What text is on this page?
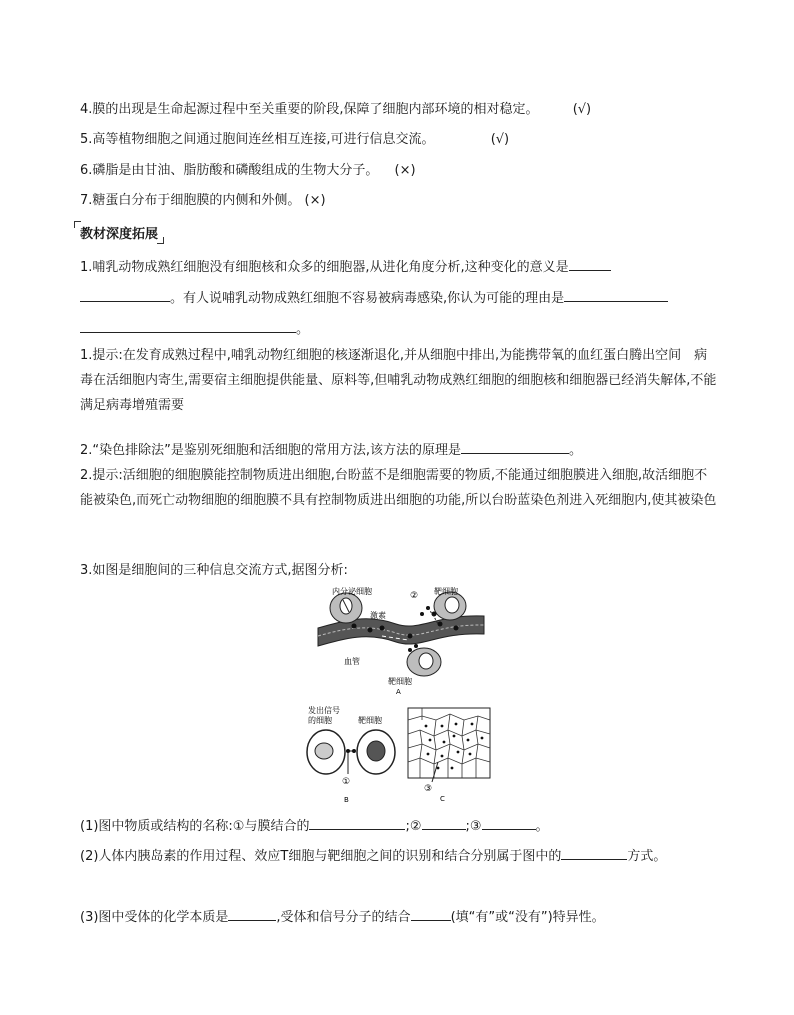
4.膜的出现是生命起源过程中至关重要的阶段,保障了细胞内部环境的相对稳定。	(√)
5.高等植物细胞之间通过胞间连丝相互连接,可进行信息交流。	(√)
6.磷脂是由甘油、脂肪酸和磷酸组成的生物大分子。 (×)
7.糖蛋白分布于细胞膜的内侧和外侧。 (×)
教材深度拓展
1.哺乳动物成熟红细胞没有细胞核和众多的细胞器,从进化角度分析,这种变化的意义是
。有人说哺乳动物成熟红细胞不容易被病毒感染,你认为可能的理由是
。
1.提示:在发育成熟过程中,哺乳动物红细胞的核逐渐退化,并从细胞中排出,为能携带氧的血红蛋白腾出空间　病毒在活细胞内寄生,需要宿主细胞提供能量、原料等,但哺乳动物成熟红细胞的细胞核和细胞器已经消失解体,不能满足病毒增殖需要
2.“染色排除法”是鉴别死细胞和活细胞的常用方法,该方法的原理是	。
2.提示:活细胞的细胞膜能控制物质进出细胞,台盼蓝不是细胞需要的物质,不能通过细胞膜进入细胞,故活细胞不能被染色,而死亡动物细胞的细胞膜不具有控制物质进出细胞的功能,所以台盼蓝染色剂进入死细胞内,使其被染色
3.如图是细胞间的三种信息交流方式,据图分析:
内分泌细胞
激素
② 靶细胞
血管
靶细胞
A
发出信号
的细胞	靶细胞
①
B
③
C
(1)图中物质或结构的名称:①与膜结合的	;②	;③	。
(2)人体内胰岛素的作用过程、效应T细胞与靶细胞之间的识别和结合分别属于图中的	方式。
(3)图中受体的化学本质是	,受体和信号分子的结合	(填“有”或“没有”)特异性。
